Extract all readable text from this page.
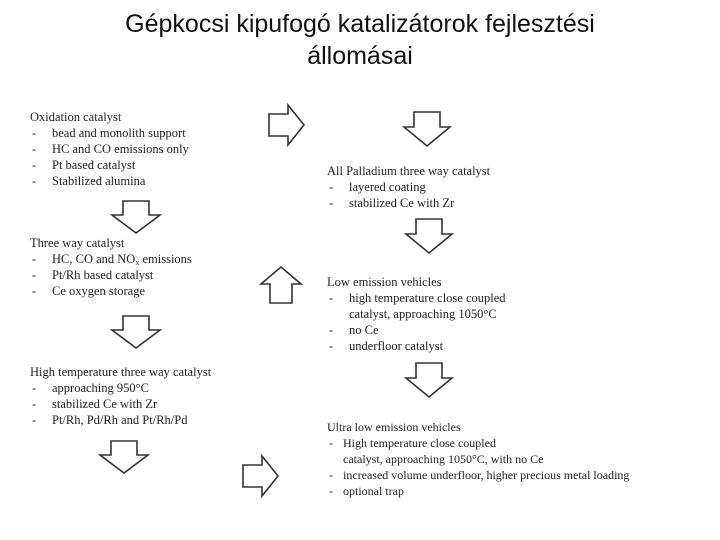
Gépkocsi kipufogó katalizátorok fejlesztési
állomásai
Oxidation catalyst
- bead and monolith support
- HC and CO emissions only
- Pt based catalyst
- Stabilized alumina
Three way catalyst
- HC, CO and $NO_x$ emissions
- Pt/Rh based catalyst
- Ce oxygen storage
High temperature three way catalyst
- approaching 950°C
- stabilized Ce with Zr
- Pt/Rh, Pd/Rh and Pt/Rh/Pd
All Palladium three way catalyst
- layered coating
- stabilized Ce with Zr
Low emission vehicles
- high temperature close coupled
catalyst, approaching 1050°C
- no Ce
- underfloor catalyst
Ultra low emission vehicles
- High temperature close coupled
catalyst, approaching 1050°C, with no Ce
- increased volume underfloor, higher precious metal loading
- optional trap
